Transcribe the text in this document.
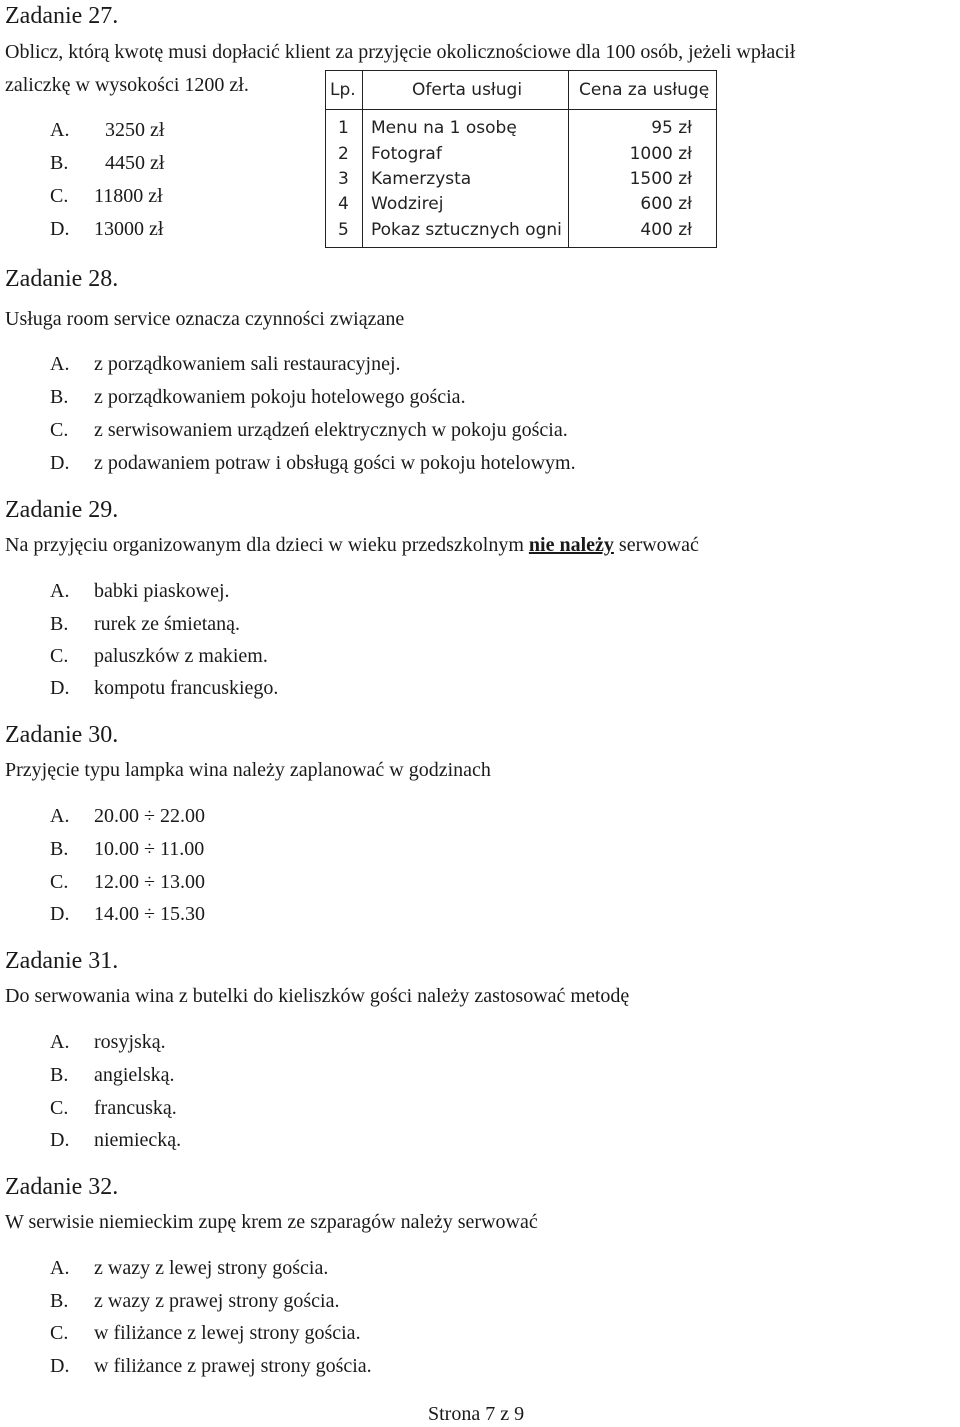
Zadanie 27.
Oblicz, którą kwotę musi dopłacić klient za przyjęcie okolicznościowe dla 100 osób, jeżeli wpłacił
zaliczkę w wysokości 1200 zł.
A. 3250 zł
B. 4450 zł
C. 11800 zł
D. 13000 zł
Lp.	Oferta usługi	Cena za usługę
1 Menu na 1 osobę	95 zł
2 Fotograf	1000 zł
3 Kamerzysta	1500 zł
4 Wodzirej	600 zł
5 Pokaz sztucznych ogni	400 zł
Zadanie 28.
Usługa room service oznacza czynności związane
A. z porządkowaniem sali restauracyjnej.
B. z porządkowaniem pokoju hotelowego gościa.
C. z serwisowaniem urządzeń elektrycznych w pokoju gościa.
D. z podawaniem potraw i obsługą gości w pokoju hotelowym.
Zadanie 29.
Na przyjęciu organizowanym dla dzieci w wieku przedszkolnym nie należy serwować
A. babki piaskowej.
B. rurek ze śmietaną.
C. paluszków z makiem.
D. kompotu francuskiego.
Zadanie 30.
Przyjęcie typu lampka wina należy zaplanować w godzinach
A. 20.00 ÷ 22.00
B. 10.00 ÷ 11.00
C. 12.00 ÷ 13.00
D. 14.00 ÷ 15.30
Zadanie 31.
Do serwowania wina z butelki do kieliszków gości należy zastosować metodę
A. rosyjską.
B. angielską.
C. francuską.
D. niemiecką.
Zadanie 32.
W serwisie niemieckim zupę krem ze szparagów należy serwować
A. z wazy z lewej strony gościa.
B. z wazy z prawej strony gościa.
C. w filiżance z lewej strony gościa.
D. w filiżance z prawej strony gościa.
Strona 7 z 9
